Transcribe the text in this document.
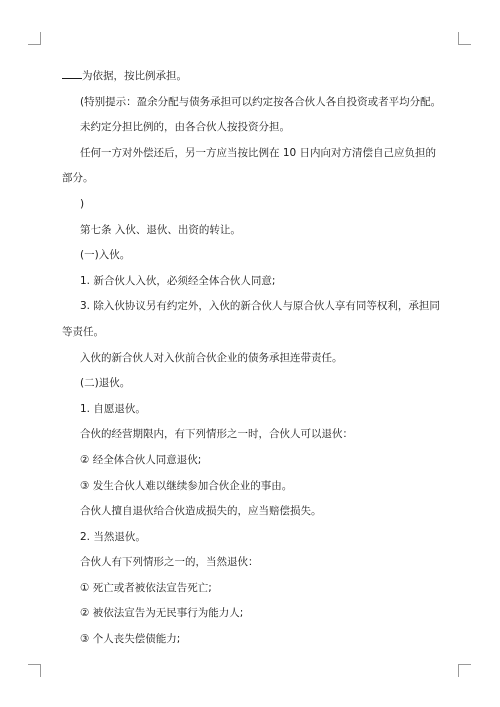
为依据，按比例承担。

(特别提示：盈余分配与债务承担可以约定按各合伙人各自投资或者平均分配。

未约定分担比例的，由各合伙人按投资分担。

任何一方对外偿还后，另一方应当按比例在 10 日内向对方清偿自己应负担的部分。

)

第七条 入伙、退伙、出资的转让。

(一)入伙。

1. 新合伙人入伙，必须经全体合伙人同意;

3. 除入伙协议另有约定外，入伙的新合伙人与原合伙人享有同等权利，承担同等责任。

入伙的新合伙人对入伙前合伙企业的债务承担连带责任。

(二)退伙。

1. 自愿退伙。

合伙的经营期限内，有下列情形之一时，合伙人可以退伙：

② 经全体合伙人同意退伙;

③ 发生合伙人难以继续参加合伙企业的事由。

合伙人擅自退伙给合伙造成损失的，应当赔偿损失。

2. 当然退伙。

合伙人有下列情形之一的，当然退伙：

① 死亡或者被依法宣告死亡;

② 被依法宣告为无民事行为能力人;

③ 个人丧失偿债能力;
